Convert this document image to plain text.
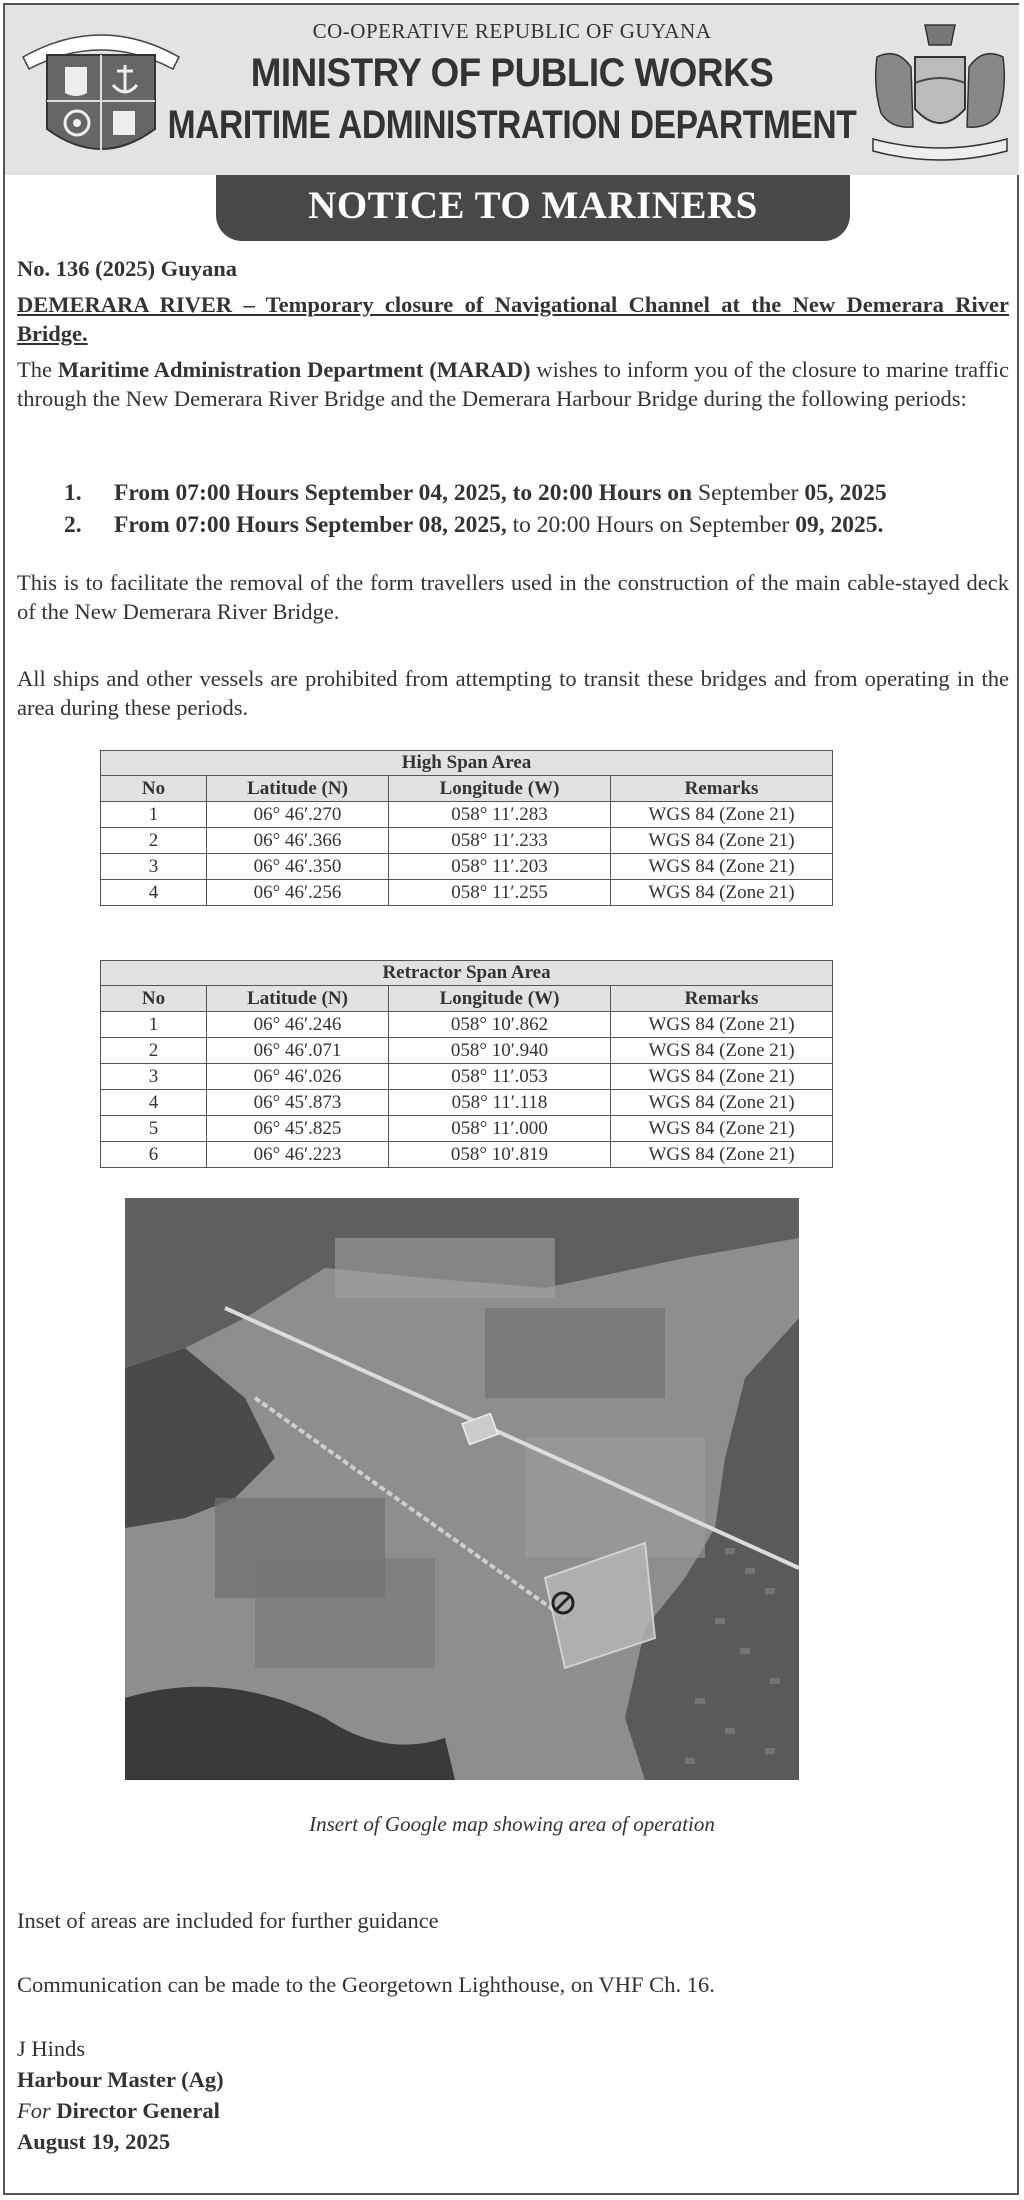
CO-OPERATIVE REPUBLIC OF GUYANA
MINISTRY OF PUBLIC WORKS
MARITIME ADMINISTRATION DEPARTMENT
NOTICE TO MARINERS
No. 136 (2025) Guyana
DEMERARA RIVER – Temporary closure of Navigational Channel at the New Demerara River Bridge.
The Maritime Administration Department (MARAD) wishes to inform you of the closure to marine traffic through the New Demerara River Bridge and the Demerara Harbour Bridge during the following periods:
1. From 07:00 Hours September 04, 2025, to 20:00 Hours on September 05, 2025
2. From 07:00 Hours September 08, 2025, to 20:00 Hours on September 09, 2025.
This is to facilitate the removal of the form travellers used in the construction of the main cable-stayed deck of the New Demerara River Bridge.
All ships and other vessels are prohibited from attempting to transit these bridges and from operating in the area during these periods.
High Span Area			
No	Latitude (N)	Longitude (W)	Remarks
1	06° 46′.270	058° 11′.283	WGS 84 (Zone 21)
2	06° 46′.366	058° 11′.233	WGS 84 (Zone 21)
3	06° 46′.350	058° 11′.203	WGS 84 (Zone 21)
4	06° 46′.256	058° 11′.255	WGS 84 (Zone 21)
Retractor Span Area			
No	Latitude (N)	Longitude (W)	Remarks
1	06° 46′.246	058° 10′.862	WGS 84 (Zone 21)
2	06° 46′.071	058° 10′.940	WGS 84 (Zone 21)
3	06° 46′.026	058° 11′.053	WGS 84 (Zone 21)
4	06° 45′.873	058° 11′.118	WGS 84 (Zone 21)
5	06° 45′.825	058° 11′.000	WGS 84 (Zone 21)
6	06° 46′.223	058° 10′.819	WGS 84 (Zone 21)
Insert of Google map showing area of operation
Inset of areas are included for further guidance
Communication can be made to the Georgetown Lighthouse, on VHF Ch. 16.
J Hinds
Harbour Master (Ag)
For Director General
August 19, 2025
